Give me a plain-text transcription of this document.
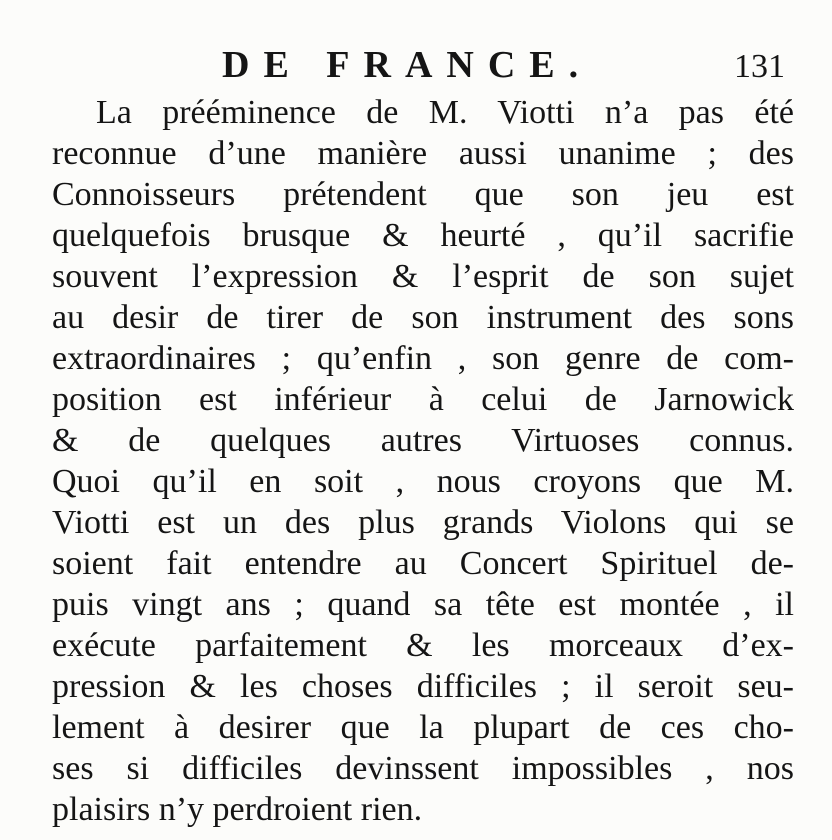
DE FRANCE.	131
La prééminence de M. Viotti n’a pas été
reconnue d’une manière aussi unanime ; des
Connoisseurs prétendent que son jeu est
quelquefois brusque & heurté , qu’il sacrifie
souvent l’expression & l’esprit de son sujet
au desir de tirer de son instrument des sons
extraordinaires ; qu’enfin , son genre de com-
position est inférieur à celui de Jarnowick
& de quelques autres Virtuoses connus.
Quoi qu’il en soit , nous croyons que M.
Viotti est un des plus grands Violons qui se
soient fait entendre au Concert Spirituel de-
puis vingt ans ; quand sa tête est montée , il
exécute parfaitement & les morceaux d’ex-
pression & les choses difficiles ; il seroit seu-
lement à desirer que la plupart de ces cho-
ses si difficiles devinssent impossibles , nos
plaisirs n’y perdroient rien.
